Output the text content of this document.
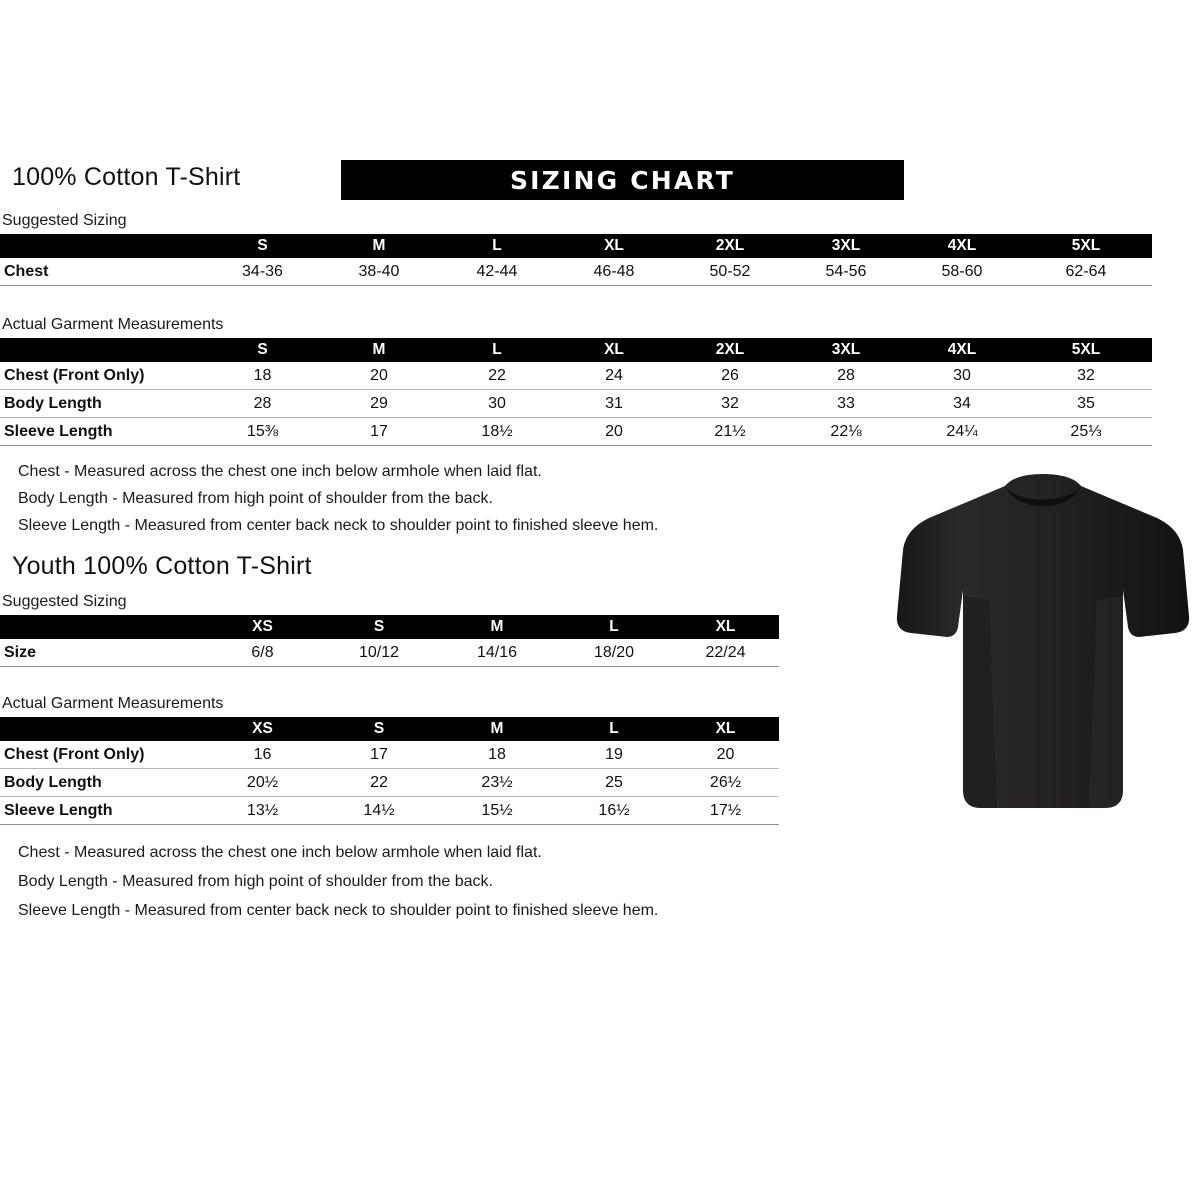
100% Cotton T-Shirt	SIZING CHART
Suggested Sizing
	S	M	L	XL	2XL	3XL	4XL	5XL
Chest	34-36	38-40	42-44	46-48	50-52	54-56	58-60	62-64
Actual Garment Measurements
	S	M	L	XL	2XL	3XL	4XL	5XL
Chest (Front Only)	18	20	22	24	26	28	30	32
Body Length	28	29	30	31	32	33	34	35
Sleeve Length	15⅜	17	18½	20	21½	22⅛	24¼	25⅓
Chest - Measured across the chest one inch below armhole when laid flat.
Body Length - Measured from high point of shoulder from the back.
Sleeve Length - Measured from center back neck to shoulder point to finished sleeve hem.
Youth 100% Cotton T-Shirt
Suggested Sizing
	XS	S	M	L	XL
Size	6/8	10/12	14/16	18/20	22/24
Actual Garment Measurements
	XS	S	M	L	XL
Chest (Front Only)	16	17	18	19	20
Body Length	20½	22	23½	25	26½
Sleeve Length	13½	14½	15½	16½	17½
Chest - Measured across the chest one inch below armhole when laid flat.
Body Length - Measured from high point of shoulder from the back.
Sleeve Length - Measured from center back neck to shoulder point to finished sleeve hem.
